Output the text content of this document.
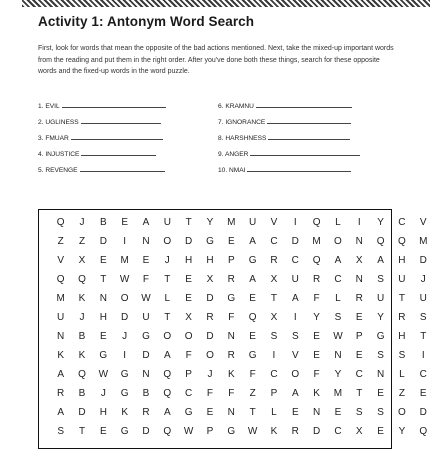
Activity 1: Antonym Word Search
First, look for words that mean the opposite of the bad actions mentioned. Next, take the mixed-up important words from the reading and put them in the right order. After you've done both these things, search for these opposite words and the fixed-up words in the word puzzle.
1. EVIL
2. UGLINESS
3. FMUAR
4. INJUSTICE
5. REVENGE
6. KRAMNU
7. IGNORANCE
8. HARSHNESS
9. ANGER
10. NMAI
Q	J	B	E	A	U	T	Y	M	U	V	I	Q	L	I	Y	C	V
Z	Z	D	I	N	O	D	G	E	A	C	D	M	O	N	Q	Q	M
V	X	E	M	E	J	H	H	P	G	R	C	Q	A	X	A	H	D
Q	Q	T	W	F	T	E	X	R	A	X	U	R	C	N	S	U	J
M	K	N	O	W	L	E	D	G	E	T	A	F	L	R	U	T	U
U	J	H	D	U	T	X	R	F	Q	X	I	Y	S	E	Y	R	S
N	B	E	J	G	O	O	D	N	E	S	S	E	W	P	G	H	T
K	K	G	I	D	A	F	O	R	G	I	V	E	N	E	S	S	I
A	Q	W	G	N	Q	P	J	K	F	C	O	F	Y	C	N	L	C
R	B	J	G	B	Q	C	F	F	Z	P	A	K	M	T	E	Z	E
A	D	H	K	R	A	G	E	N	T	L	E	N	E	S	S	O	D
S	T	E	G	D	Q	W	P	G	W	K	R	D	C	X	E	Y	Q
